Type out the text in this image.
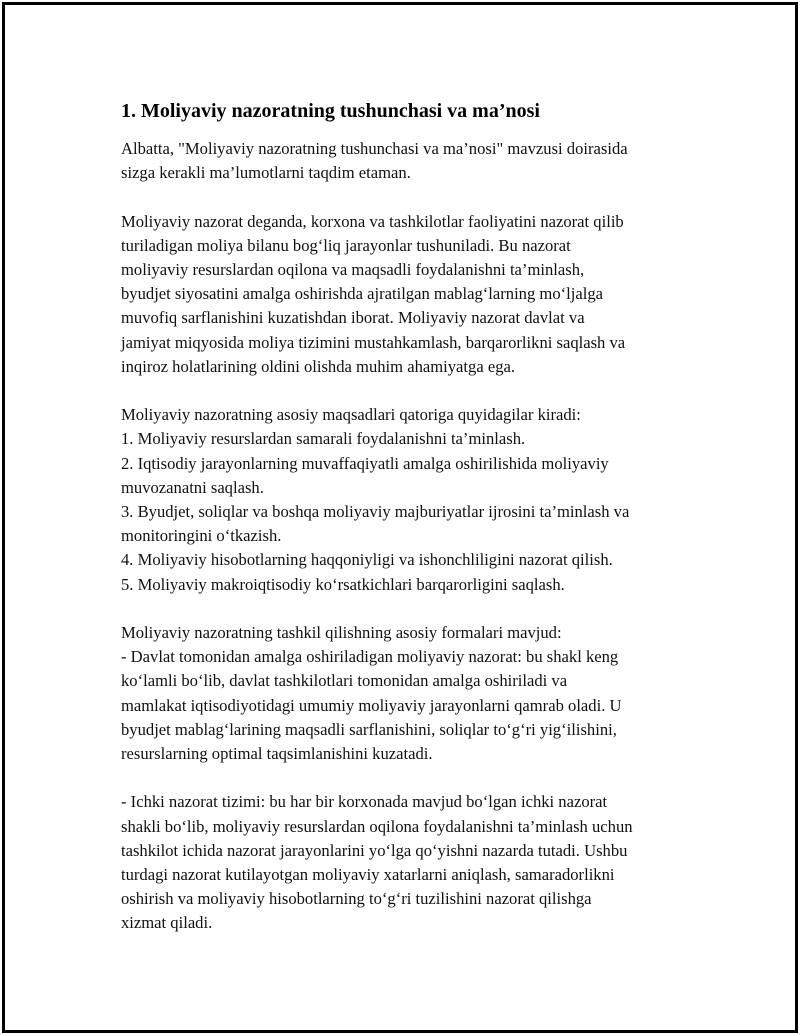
1. Moliyaviy nazoratning tushunchasi va ma’nosi
Albatta, "Moliyaviy nazoratning tushunchasi va ma’nosi" mavzusi doirasida
sizga kerakli ma’lumotlarni taqdim etaman.
Moliyaviy nazorat deganda, korxona va tashkilotlar faoliyatini nazorat qilib
turiladigan moliya bilanu bog‘liq jarayonlar tushuniladi. Bu nazorat
moliyaviy resurslardan oqilona va maqsadli foydalanishni ta’minlash,
byudjet siyosatini amalga oshirishda ajratilgan mablag‘larning mo‘ljalga
muvofiq sarflanishini kuzatishdan iborat. Moliyaviy nazorat davlat va
jamiyat miqyosida moliya tizimini mustahkamlash, barqarorlikni saqlash va
inqiroz holatlarining oldini olishda muhim ahamiyatga ega.
Moliyaviy nazoratning asosiy maqsadlari qatoriga quyidagilar kiradi:
1. Moliyaviy resurslardan samarali foydalanishni ta’minlash.
2. Iqtisodiy jarayonlarning muvaffaqiyatli amalga oshirilishida moliyaviy
muvozanatni saqlash.
3. Byudjet, soliqlar va boshqa moliyaviy majburiyatlar ijrosini ta’minlash va
monitoringini o‘tkazish.
4. Moliyaviy hisobotlarning haqqoniyligi va ishonchliligini nazorat qilish.
5. Moliyaviy makroiqtisodiy ko‘rsatkichlari barqarorligini saqlash.
Moliyaviy nazoratning tashkil qilishning asosiy formalari mavjud:
- Davlat tomonidan amalga oshiriladigan moliyaviy nazorat: bu shakl keng
ko‘lamli bo‘lib, davlat tashkilotlari tomonidan amalga oshiriladi va
mamlakat iqtisodiyotidagi umumiy moliyaviy jarayonlarni qamrab oladi. U
byudjet mablag‘larining maqsadli sarflanishini, soliqlar to‘g‘ri yig‘ilishini,
resurslarning optimal taqsimlanishini kuzatadi.
- Ichki nazorat tizimi: bu har bir korxonada mavjud bo‘lgan ichki nazorat
shakli bo‘lib, moliyaviy resurslardan oqilona foydalanishni ta’minlash uchun
tashkilot ichida nazorat jarayonlarini yo‘lga qo‘yishni nazarda tutadi. Ushbu
turdagi nazorat kutilayotgan moliyaviy xatarlarni aniqlash, samaradorlikni
oshirish va moliyaviy hisobotlarning to‘g‘ri tuzilishini nazorat qilishga
xizmat qiladi.
